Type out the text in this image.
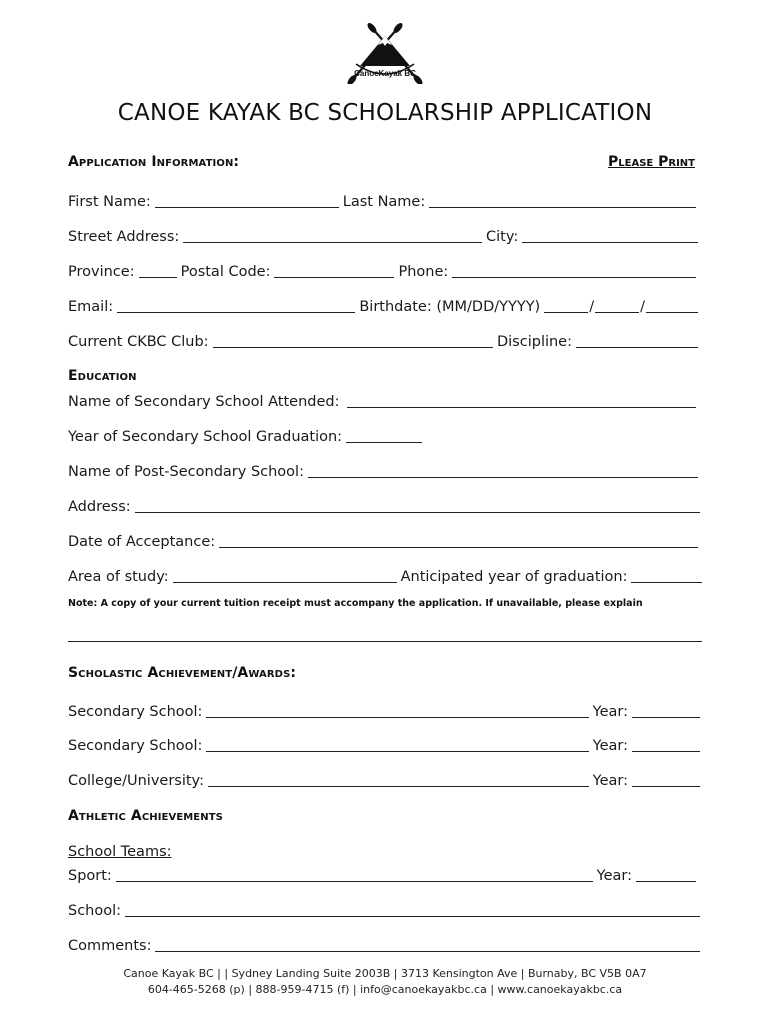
CanoeKayak BC
CANOE KAYAK BC SCHOLARSHIP APPLICATION
Application Information:	Please Print
First Name:	Last Name:
Street Address:	City:
Province:	Postal Code:	Phone:
Email:	Birthdate: (MM/DD/YYYY)	/	/
Current CKBC Club:	Discipline:
Education
Name of Secondary School Attended:
Year of Secondary School Graduation:
Name of Post-Secondary School:
Address:
Date of Acceptance:
Area of study:	Anticipated year of graduation:
Note: A copy of your current tuition receipt must accompany the application. If unavailable, please explain
Scholastic Achievement/Awards:
Secondary School:	Year:
Secondary School:	Year:
College/University:	Year:
Athletic Achievements
School Teams:
Sport:	Year:
School:
Comments:
Canoe Kayak BC | | Sydney Landing Suite 2003B | 3713 Kensington Ave | Burnaby, BC V5B 0A7
604-465-5268 (p) | 888-959-4715 (f) | info@canoekayakbc.ca | www.canoekayakbc.ca
